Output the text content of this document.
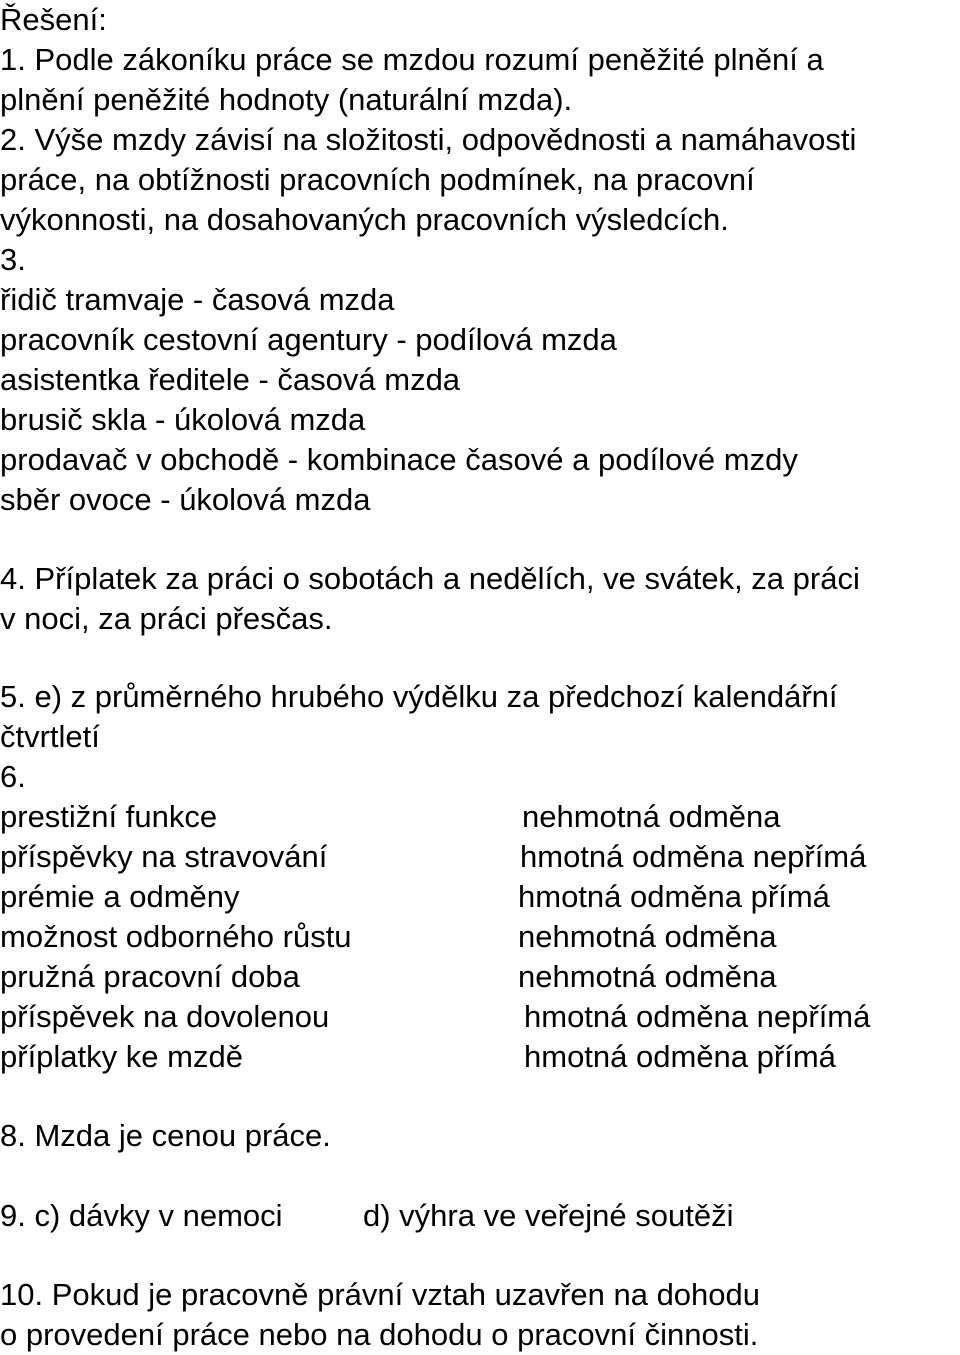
Řešení:
1. Podle zákoníku práce se mzdou rozumí peněžité plnění a
plnění peněžité hodnoty (naturální mzda).
2. Výše mzdy závisí na složitosti, odpovědnosti a namáhavosti
práce, na obtížnosti pracovních podmínek, na pracovní
výkonnosti, na dosahovaných pracovních výsledcích.
3.
řidič tramvaje - časová mzda
pracovník cestovní agentury - podílová mzda
asistentka ředitele - časová mzda
brusič skla - úkolová mzda
prodavač v obchodě - kombinace časové a podílové mzdy
sběr ovoce - úkolová mzda
4. Příplatek za práci o sobotách a nedělích, ve svátek, za práci
v noci, za práci přesčas.
5. e) z průměrného hrubého výdělku za předchozí kalendářní
čtvrtletí
6.
prestižní funkce	nehmotná odměna
příspěvky na stravování	hmotná odměna nepřímá
prémie a odměny	hmotná odměna přímá
možnost odborného růstu	nehmotná odměna
pružná pracovní doba	nehmotná odměna
příspěvek na dovolenou	hmotná odměna nepřímá
příplatky ke mzdě	hmotná odměna přímá
8. Mzda je cenou práce.
9. c) dávky v nemoci	d) výhra ve veřejné soutěži
10. Pokud je pracovně právní vztah uzavřen na dohodu
o provedení práce nebo na dohodu o pracovní činnosti.
